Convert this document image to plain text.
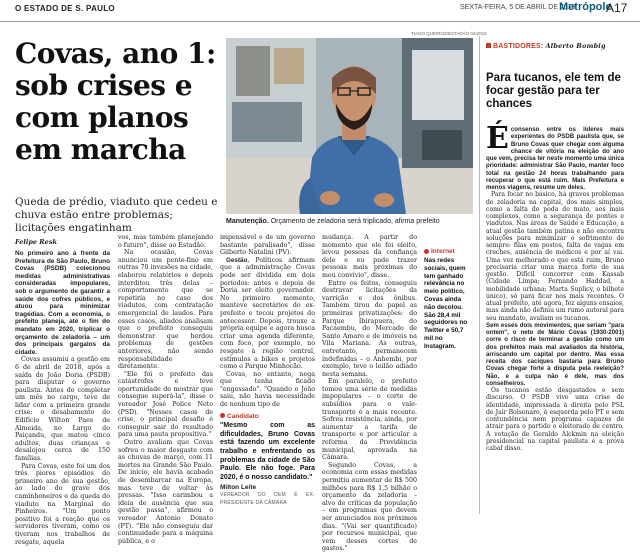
O ESTADO DE S. PAULO	SEXTA-FEIRA, 5 DE ABRIL DE 2019
Metrópole
A17
Covas, ano 1: sob crises e com planos em marcha
Queda de prédio, viaduto que cedeu e chuva estão entre problemas; licitações engatinham
TIAGO QUEIROZ/ESTADÃO 04/2019
Manutenção. Orçamento de zeladoria será triplicado, afirma prefeito
Felipe Resk

No primeiro ano à frente da Prefeitura de São Paulo, Bruno Covas (PSDB) colecionou medidas administrativas consideradas impopulares, sob o argumento de garantir a saúde dos cofres públicos, e atuou para minimizar tragédias. Com a economia, o prefeito planeja, até o fim do mandato em 2020, triplicar o orçamento de zeladoria – um dos principais gargalos da cidade.

Covas assumiu a gestão em 6 de abril de 2018, após a saída de João Doria (PSDB) para disputar o governo paulista. Antes de completar um mês no cargo, teve de lidar com a primeira grande crise: o desabamento do Edifício Wilton Paes de Almeida, no Largo do Paiçandu, que matou cinco adultos, duas crianças e desalojou cerca de 150 famílias.

Para Covas, este foi um dos três piores episódios do primeiro ano de sua gestão, ao lado do grave dos caminhoneiros e da queda do viaduto na Marginal do Pinheiros. "Um ponto positivo foi a reação que os servidores tiveram, como os tiveram nos trabalhos de resgate, aquela

vos, mas também planejando o futuro", disse ao Estadão.

Na ocasião, Covas anunciou um pente-fino em outras 70 invasões na cidade, elaborou relatórios e depois interditou três delas – comportamento que se repetiria no caso dos viadutos, com contratação emergencial de laudos. Para esses casos, aliados analisam que o prefeito conseguiu demonstrar que herdou problemas de gestões anteriores, não sendo responsabilidade diretamente.

"Ele foi o prefeito das catástrofes e teve oportunidade de mostrar que consegue superá-la", disse o vereador José Police Neto (PSD). "Nesses casos de crise, o principal desafio é conseguir sair do resultado para uma pauta propositiva."

Outro avaliam que Covas sofreu o maior desgaste com as chuvas de março, com 11 mortes na Grande São Paulo. De início, ele havia acabado de desembarcar na Europa, mas teve de voltar às pressas. "Isso carimbou a ideia de ausência que sua gestão passa", afirmou o vereador Antonio Donato (PT). "Ele não conseguiu dar continuidade para a máquina pública, e o

impensável e de um governo bastante paralisado", disse Gilberto Natalini (PV).

Gestão. Políticos afirmam que a administração Covas pode ser dividida em dois períodos: antes e depois de Doria ser eleito governador. No primeiro momento, manteve secretários do ex-prefeito e tocou projetos do antecessor. Depois, trouxe a própria equipe e agora busca criar uma agenda diferente, com foco, por exemplo, no resgate à região central, estímulos a bikes e projetos como o Parque Minhocão.

Covas, no entanto, nega que tenha ficado "engessado". "Quando o João saiu, não havia necessidade de nenhum tipo de

Candidato
"Mesmo com as dificuldades, Bruno Covas está fazendo um excelente trabalho e enfrentando os problemas da cidade de São Paulo. Ele não foge. Para 2020, é o nosso candidato."
Milton Leite
VEREADOR DO DEM E EX-PRESIDENTE DA CÂMARA

mudança. A partir do momento que ele foi eleito, levou pessoas da confiança dele e eu pude trazer pessoas mais próximas do meu convívio", disse.

Entre os feitos, conseguiu destravar licitações da varrição e dos ônibus. Também tirou do papel as primeiras privatizações: do Parque Ibirapuera, do Pacaembu, do Mercado de Santo Amaro e de imóveis na Vila Mariana. As outras, entretanto, permanecem indefinidas – o Anhembi, por exemplo, teve o leilão adiado nesta semana.

Em paralelo, o prefeito tomou uma série de medidas impopulares – o corte de subsídios para o vale-transporte é a mais recente. Sofreu resistência, ainda, por aumentar a tarifa de transporte e por articular a reforma da Previdência municipal, aprovada na Câmara.

Segundo Covas, a economia com essas medidas permitiu aumentar de R$ 500 milhões para R$ 1,5 bilhão o orçamento da zeladoria – alvo de críticas da população – em programas que devem ser anunciados nos próximos dias. "(Vai ser quantificado) por recursos municipal, que vem desses cortes de gastos."

Internet
Nas redes sociais, quem tem ganhado relevância no meio político, Covas ainda não decolou. São 28,4 mil seguidores no Twitter e 50,7 mil no Instagram.
BASTIDORES: Alberto Bombig
Para tucanos, ele tem de focar gestão para ter chances
É consenso entre os líderes mais experientes do PSDB paulista que, se Bruno Covas quer chegar com alguma chance de vitória na eleição do ano que vem, precisa ter neste momento uma única prioridade: administrar São Paulo, manter foco total na gestão 24 horas trabalhando para recuperar o que está ruim. Mais Prefeitura e menos viagens, resume um deles.

Para focar no básico, há graves problemas de zeladoria na capital, dos mais simples, como a falta de poda do mato, aos mais complexos, como a segurança de pontes e viadutos. Nas áreas de Saúde e Educação, a atual gestão também patina e não encontra soluções para minimizar o sofrimento de sempre: filas em postos, falta de vagas em creches, ausência de médicos e por aí vai. Uma vez melhorado o que está ruim, Bruno precisaria criar uma marca forte de sua gestão. Difícil concorrer com Kassab (Cidade Limpa; Fernando Haddad, a mobilidade urbana; Marta Suplicy, o bilhete único), só para ficar nos mais recentes. O atual prefeito, até agora, fez alguns ensaios, mas ainda não definiu um rumo autoral para seu mandato, avaliam os tucanos.

Sem esses dois movimentos, que seriam "para ontem", o neto de Mário Covas (1930-2001) corre o risco de terminar a gestão como um dos prefeitos mais mal avaliados da história, arriscando um capital por dentro. Mas essa receita dos caciques bastaria para Bruno Covas chegar forte à disputa pela reeleição? Não, e a culpa não é dele, mas dos conselheiros.

Os tucanos estão desgastados e sem discurso. O PSDB vive uma crise de identidade, impressada à direita pelo PSL de Jair Bolsonaro, à esquerda pelo PT e sem contundência nem programa capazes de atrair para o partido o eleitorado de centro. A votação de Geraldo Alckmin na eleição presidencial na capital paulista é a prova cabal disso.
